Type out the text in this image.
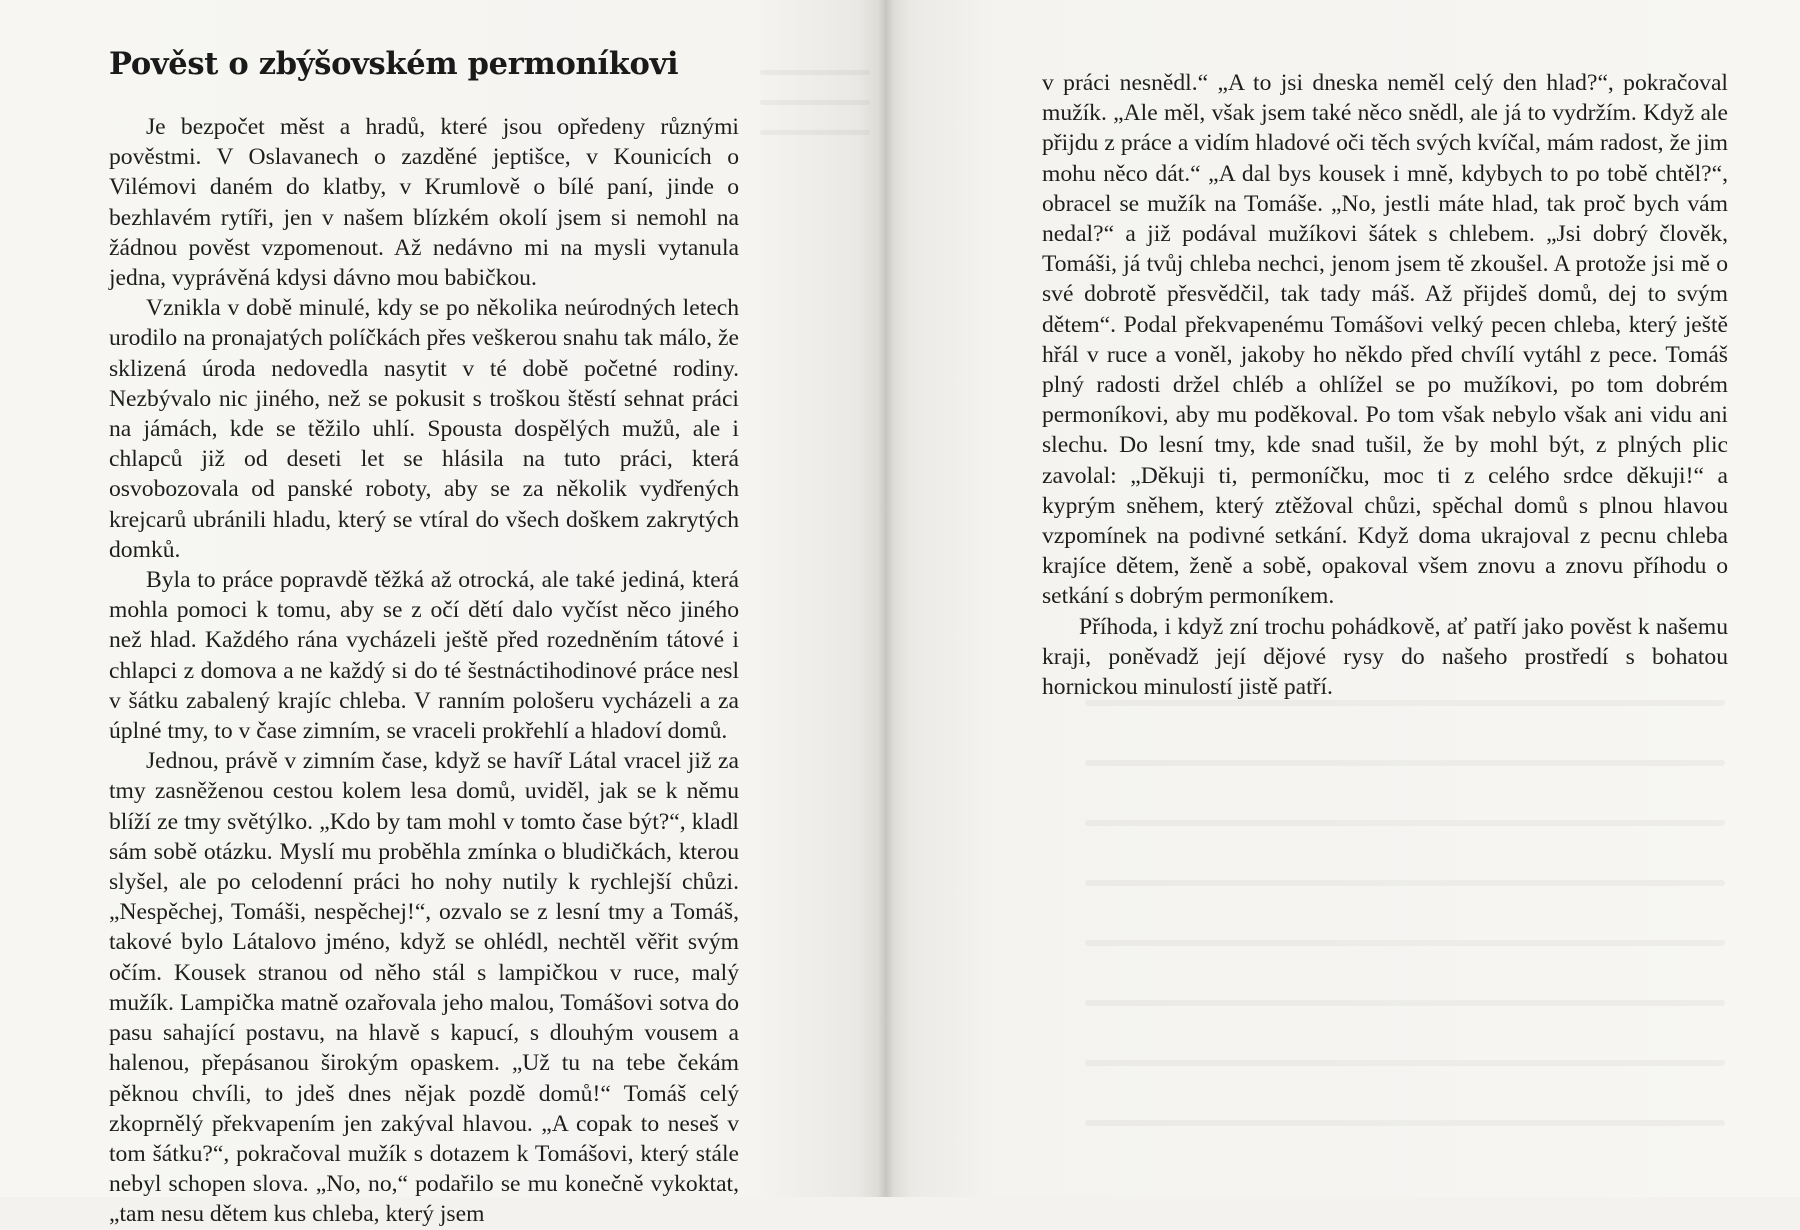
Pověst o zbýšovském permoníkovi

Je bezpočet měst a hradů, které jsou opředeny různými pověstmi. V Oslavanech o zazděné jeptišce, v Kounicích o Vilémovi daném do klatby, v Krumlově o bílé paní, jinde o bezhlavém rytíři, jen v našem blízkém okolí jsem si nemohl na žádnou pověst vzpomenout. Až nedávno mi na mysli vytanula jedna, vyprávěná kdysi dávno mou babičkou.

Vznikla v době minulé, kdy se po několika neúrodných letech urodilo na pronajatých políčkách přes veškerou snahu tak málo, že sklizená úroda nedovedla nasytit v té době početné rodiny. Nezbývalo nic jiného, než se pokusit s troškou štěstí sehnat práci na jámách, kde se těžilo uhlí. Spousta dospělých mužů, ale i chlapců již od deseti let se hlásila na tuto práci, která osvobozovala od panské roboty, aby se za několik vydřených krejcarů ubránili hladu, který se vtíral do všech doškem zakrytých domků.

Byla to práce popravdě těžká až otrocká, ale také jediná, která mohla pomoci k tomu, aby se z očí dětí dalo vyčíst něco jiného než hlad. Každého rána vycházeli ještě před rozedněním tátové i chlapci z domova a ne každý si do té šestnáctihodinové práce nesl v šátku zabalený krajíc chleba. V ranním pološeru vycházeli a za úplné tmy, to v čase zimním, se vraceli prokřehlí a hladoví domů.

Jednou, právě v zimním čase, když se havíř Látal vracel již za tmy zasněženou cestou kolem lesa domů, uviděl, jak se k němu blíží ze tmy světýlko. „Kdo by tam mohl v tomto čase být?“, kladl sám sobě otázku. Myslí mu proběhla zmínka o bludičkách, kterou slyšel, ale po celodenní práci ho nohy nutily k rychlejší chůzi. „Nespěchej, Tomáši, nespěchej!“, ozvalo se z lesní tmy a Tomáš, takové bylo Látalovo jméno, když se ohlédl, nechtěl věřit svým očím. Kousek stranou od něho stál s lampičkou v ruce, malý mužík. Lampička matně ozařovala jeho malou, Tomášovi sotva do pasu sahající postavu, na hlavě s kapucí, s dlouhým vousem a halenou, přepásanou širokým opaskem. „Už tu na tebe čekám pěknou chvíli, to jdeš dnes nějak pozdě domů!“ Tomáš celý zkoprnělý překvapením jen zakýval hlavou. „A copak to neseš v tom šátku?“, pokračoval mužík s dotazem k Tomášovi, který stále nebyl schopen slova. „No, no,“ podařilo se mu konečně vykoktat, „tam nesu dětem kus chleba, který jsem

v práci nesnědl.“ „A to jsi dneska neměl celý den hlad?“, pokračoval mužík. „Ale měl, však jsem také něco snědl, ale já to vydržím. Když ale přijdu z práce a vidím hladové oči těch svých kvíčal, mám radost, že jim mohu něco dát.“ „A dal bys kousek i mně, kdybych to po tobě chtěl?“, obracel se mužík na Tomáše. „No, jestli máte hlad, tak proč bych vám nedal?“ a již podával mužíkovi šátek s chlebem. „Jsi dobrý člověk, Tomáši, já tvůj chleba nechci, jenom jsem tě zkoušel. A protože jsi mě o své dobrotě přesvědčil, tak tady máš. Až přijdeš domů, dej to svým dětem“. Podal překvapenému Tomášovi velký pecen chleba, který ještě hřál v ruce a voněl, jakoby ho někdo před chvílí vytáhl z pece. Tomáš plný radosti držel chléb a ohlížel se po mužíkovi, po tom dobrém permoníkovi, aby mu poděkoval. Po tom však nebylo však ani vidu ani slechu. Do lesní tmy, kde snad tušil, že by mohl být, z plných plic zavolal: „Děkuji ti, permoníčku, moc ti z celého srdce děkuji!“ a kyprým sněhem, který ztěžoval chůzi, spěchal domů s plnou hlavou vzpomínek na podivné setkání. Když doma ukrajoval z pecnu chleba krajíce dětem, ženě a sobě, opakoval všem znovu a znovu příhodu o setkání s dobrým permoníkem.

Příhoda, i když zní trochu pohádkově, ať patří jako pověst k našemu kraji, poněvadž její dějové rysy do našeho prostředí s bohatou hornickou minulostí jistě patří.
